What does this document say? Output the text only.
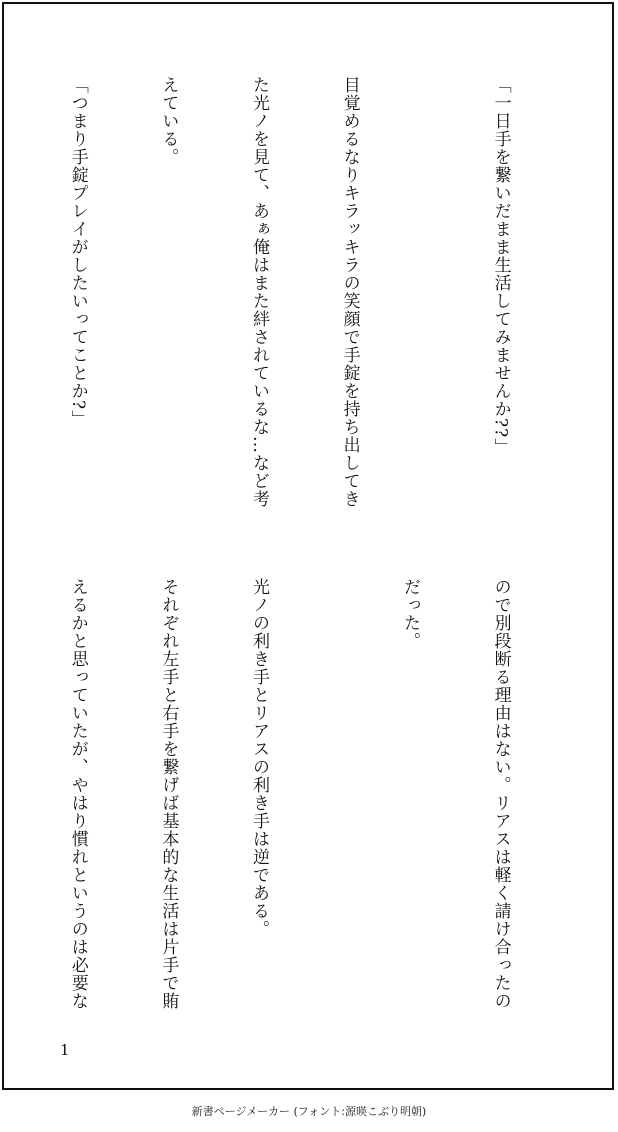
「一日手を繋いだまま生活してみませんか??」

目覚めるなりキラッキラの笑顔で手錠を持ち出してき

た光ノを見て、あぁ俺はまた絆されているな…など考

えている。

「つまり手錠プレイがしたいってことか?」

ので別段断る理由はない。リアスは軽く請け合ったの

だった。

光ノの利き手とリアスの利き手は逆である。

それぞれ左手と右手を繋げば基本的な生活は片手で賄

えるかと思っていたが、やはり慣れというのは必要な

1
新書ページメーカー (フォント:源暎こぶり明朝)
